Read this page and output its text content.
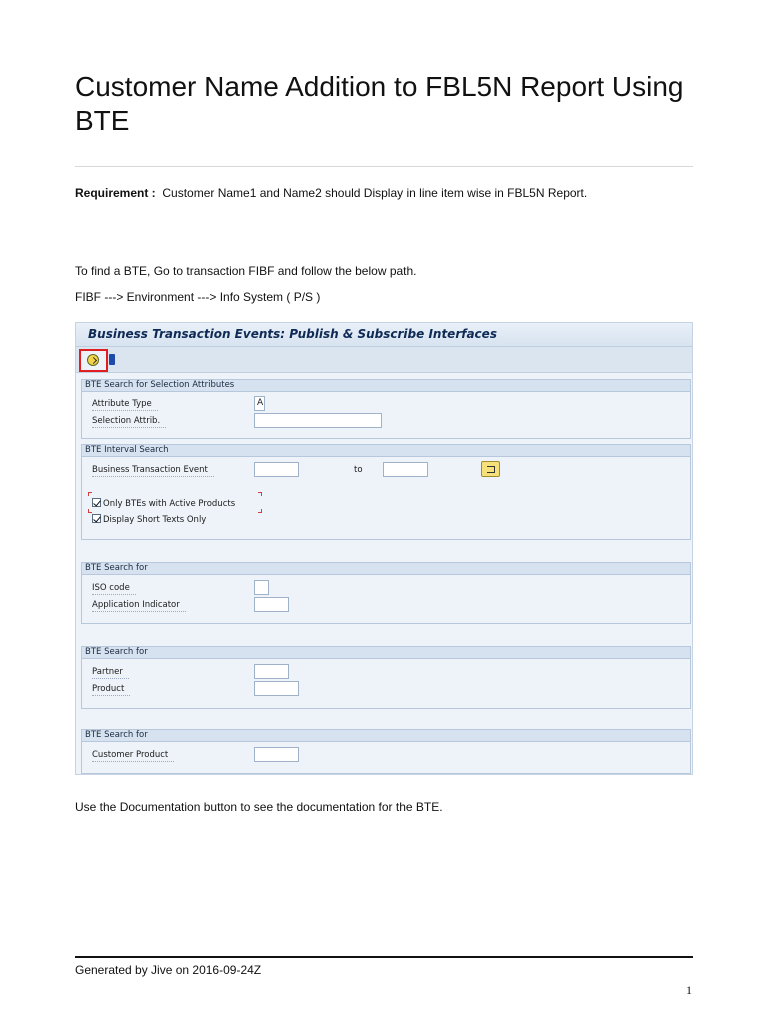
Customer Name Addition to FBL5N Report Using BTE

Requirement : Customer Name1 and Name2 should Display in line item wise in FBL5N Report.

To find a BTE, Go to transaction FIBF and follow the below path.

FIBF ---> Environment ---> Info System ( P/S )

Business Transaction Events: Publish & Subscribe Interfaces
BTE Search for Selection Attributes
Attribute Type	A
Selection Attrib.
BTE Interval Search
Business Transaction Event	to
Only BTEs with Active Products
Display Short Texts Only
BTE Search for
ISO code
Application Indicator
BTE Search for
Partner
Product
BTE Search for
Customer Product

Use the Documentation button to see the documentation for the BTE.

Generated by Jive on 2016-09-24Z

1
